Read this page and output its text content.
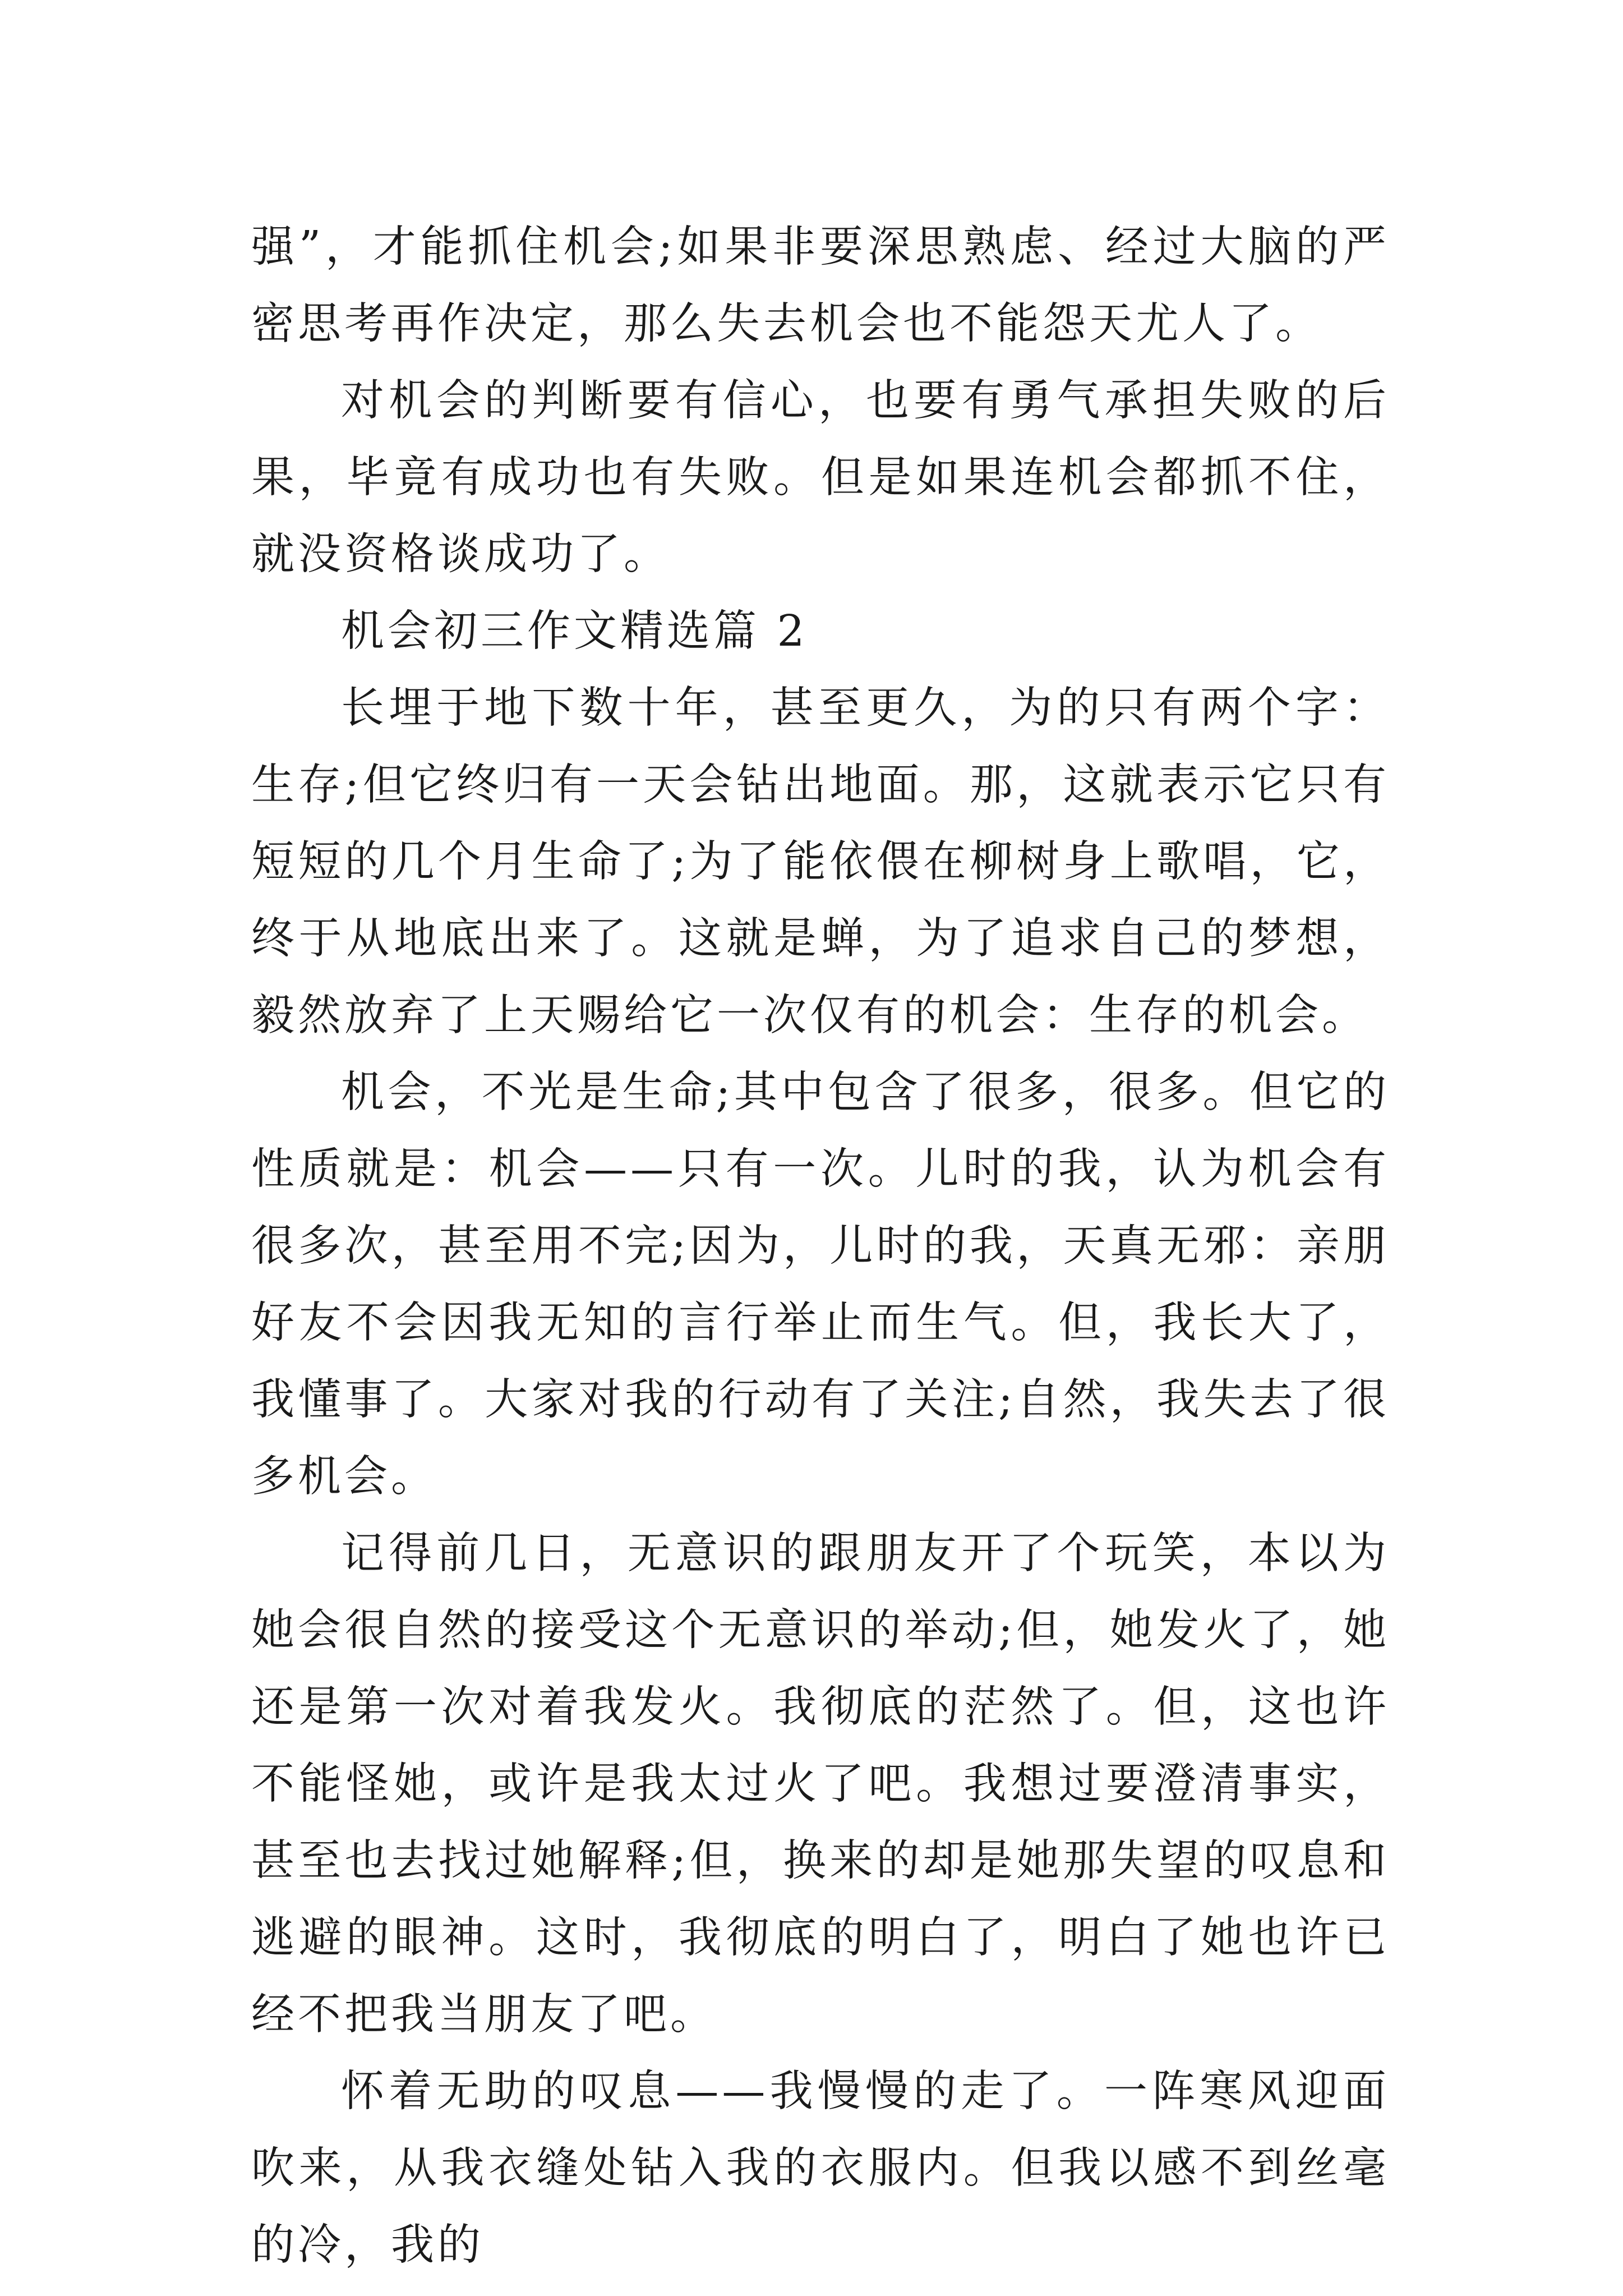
强”，才能抓住机会;如果非要深思熟虑、经过大脑的严密思考再作决定，那么失去机会也不能怨天尤人了。

对机会的判断要有信心，也要有勇气承担失败的后果，毕竟有成功也有失败。但是如果连机会都抓不住，就没资格谈成功了。

机会初三作文精选篇 2

长埋于地下数十年，甚至更久，为的只有两个字：生存;但它终归有一天会钻出地面。那，这就表示它只有短短的几个月生命了;为了能依偎在柳树身上歌唱，它，终于从地底出来了。这就是蝉，为了追求自己的梦想，毅然放弃了上天赐给它一次仅有的机会：生存的机会。

机会，不光是生命;其中包含了很多，很多。但它的性质就是：机会——只有一次。儿时的我，认为机会有很多次，甚至用不完;因为，儿时的我，天真无邪：亲朋好友不会因我无知的言行举止而生气。但，我长大了，我懂事了。大家对我的行动有了关注;自然，我失去了很多机会。

记得前几日，无意识的跟朋友开了个玩笑，本以为她会很自然的接受这个无意识的举动;但，她发火了，她还是第一次对着我发火。我彻底的茫然了。但，这也许不能怪她，或许是我太过火了吧。我想过要澄清事实，甚至也去找过她解释;但，换来的却是她那失望的叹息和逃避的眼神。这时，我彻底的明白了，明白了她也许已经不把我当朋友了吧。

怀着无助的叹息——我慢慢的走了。一阵寒风迎面吹来，从我衣缝处钻入我的衣服内。但我以感不到丝毫的冷，我的
